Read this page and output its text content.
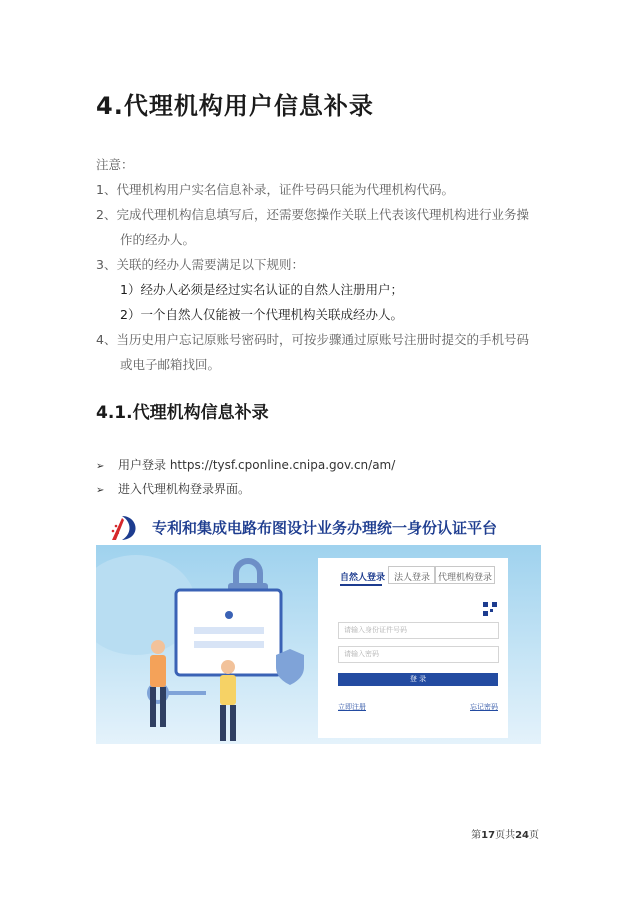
4.代理机构用户信息补录
注意：
1、代理机构用户实名信息补录，证件号码只能为代理机构代码。
2、完成代理机构信息填写后，还需要您操作关联上代表该代理机构进行业务操
作的经办人。
3、关联的经办人需要满足以下规则：
1）经办人必须是经过实名认证的自然人注册用户；
2）一个自然人仅能被一个代理机构关联成经办人。
4、当历史用户忘记原账号密码时，可按步骤通过原账号注册时提交的手机号码
或电子邮箱找回。
4.1.代理机构信息补录
➢ 用户登录 https://tysf.cponline.cnipa.gov.cn/am/
➢ 进入代理机构登录界面。
专利和集成电路布图设计业务办理统一身份认证平台
自然人登录 法人登录 代理机构登录
请输入身份证件号码
请输入密码
登 录
立即注册	忘记密码
第17页共24页
